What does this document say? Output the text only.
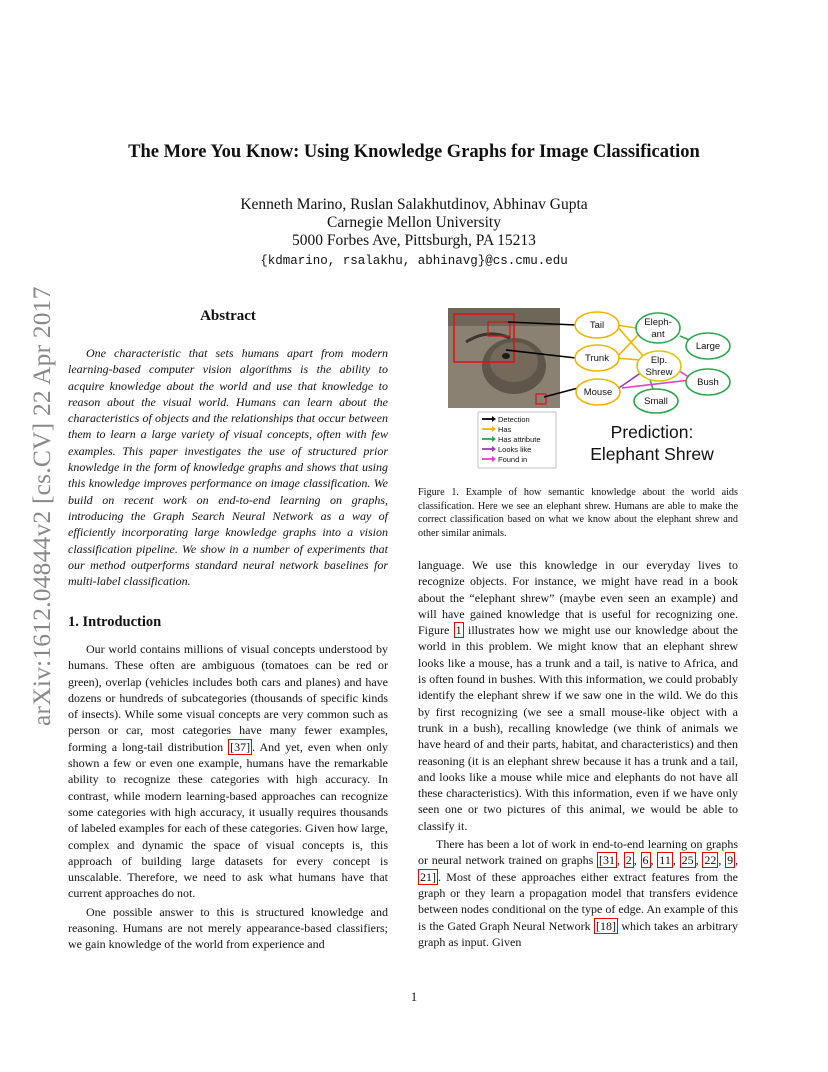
arXiv:1612.04844v2 [cs.CV] 22 Apr 2017
The More You Know: Using Knowledge Graphs for Image Classification
Kenneth Marino, Ruslan Salakhutdinov, Abhinav Gupta
Carnegie Mellon University
5000 Forbes Ave, Pittsburgh, PA 15213
{kdmarino, rsalakhu, abhinavg}@cs.cmu.edu
Abstract

One characteristic that sets humans apart from modern learning-based computer vision algorithms is the ability to acquire knowledge about the world and use that knowledge to reason about the visual world. Humans can learn about the characteristics of objects and the relationships that occur between them to learn a large variety of visual concepts, often with few examples. This paper investigates the use of structured prior knowledge in the form of knowledge graphs and shows that using this knowledge improves performance on image classification. We build on recent work on end-to-end learning on graphs, introducing the Graph Search Neural Network as a way of efficiently incorporating large knowledge graphs into a vision classification pipeline. We show in a number of experiments that our method outperforms standard neural network baselines for multi-label classification.

1. Introduction

Our world contains millions of visual concepts understood by humans. These often are ambiguous (tomatoes can be red or green), overlap (vehicles includes both cars and planes) and have dozens or hundreds of subcategories (thousands of specific kinds of insects). While some visual concepts are very common such as person or car, most categories have many fewer examples, forming a long-tail distribution [37] . And yet, even when only shown a few or even one example, humans have the remarkable ability to recognize these categories with high accuracy. In contrast, while modern learning-based approaches can recognize some categories with high accuracy, it usually requires thousands of labeled examples for each of these categories. Given how large, complex and dynamic the space of visual concepts is, this approach of building large datasets for every concept is unscalable. Therefore, we need to ask what humans have that current approaches do not.

One possible answer to this is structured knowledge and reasoning. Humans are not merely appearance-based classifiers; we gain knowledge of the world from experience and

Tail
Trunk
Mouse
Eleph-
ant
Elp.
Shrew
Small
Large
Bush
Detection
Has
Has attribute
Looks like
Found in
Prediction:
Elephant Shrew
Figure 1. Example of how semantic knowledge about the world aids classification. Here we see an elephant shrew. Humans are able to make the correct classification based on what we know about the elephant shrew and other similar animals.

language. We use this knowledge in our everyday lives to recognize objects. For instance, we might have read in a book about the “elephant shrew” (maybe even seen an example) and will have gained knowledge that is useful for recognizing one. Figure 1 illustrates how we might use our knowledge about the world in this problem. We might know that an elephant shrew looks like a mouse, has a trunk and a tail, is native to Africa, and is often found in bushes. With this information, we could probably identify the elephant shrew if we saw one in the wild. We do this by first recognizing (we see a small mouse-like object with a trunk in a bush), recalling knowledge (we think of animals we have heard of and their parts, habitat, and characteristics) and then reasoning (it is an elephant shrew because it has a trunk and a tail, and looks like a mouse while mice and elephants do not have all these characteristics). With this information, even if we have only seen one or two pictures of this animal, we would be able to classify it.

There has been a lot of work in end-to-end learning on graphs or neural network trained on graphs [31 , 2 , 6 , 11 , 25 , 22 , 9 , 21] . Most of these approaches either extract features from the graph or they learn a propagation model that transfers evidence between nodes conditional on the type of edge. An example of this is the Gated Graph Neural Network [18] which takes an arbitrary graph as input. Given

1
